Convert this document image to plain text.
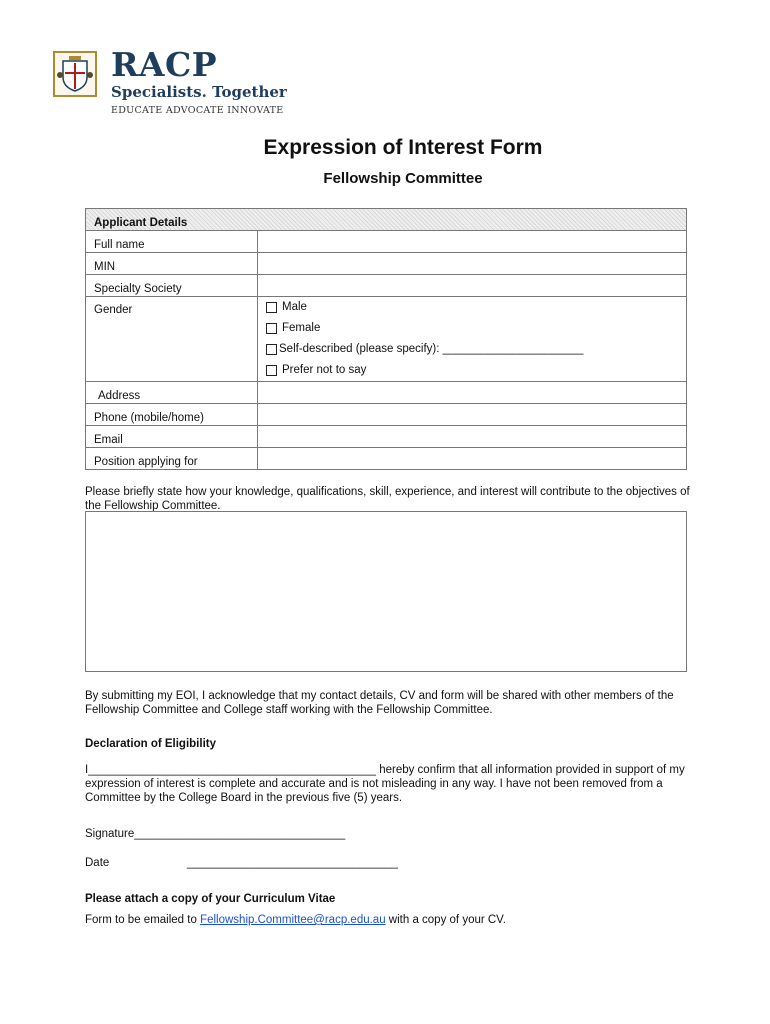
RACP
Specialists. Together
EDUCATE ADVOCATE INNOVATE
Expression of Interest Form
Fellowship Committee
Applicant Details	
Full name	
MIN	
Specialty Society	
Gender	Male
Female
Self-described (please specify): ______________________
Prefer not to say

Address	
Phone (mobile/home)	
Email	
Position applying for	
Please briefly state how your knowledge, qualifications, skill, experience, and interest will contribute to the objectives of the Fellowship Committee.
By submitting my EOI, I acknowledge that my contact details, CV and form will be shared with other members of the Fellowship Committee and College staff working with the Fellowship Committee.
Declaration of Eligibility
I_____________________________________________ hereby confirm that all information provided in support of my expression of interest is complete and accurate and is not misleading in any way. I have not been removed from a Committee by the College Board in the previous five (5) years.
Signature_________________________________
Date	_________________________________
Please attach a copy of your Curriculum Vitae
Form to be emailed to Fellowship.Committee@racp.edu.au with a copy of your CV.
